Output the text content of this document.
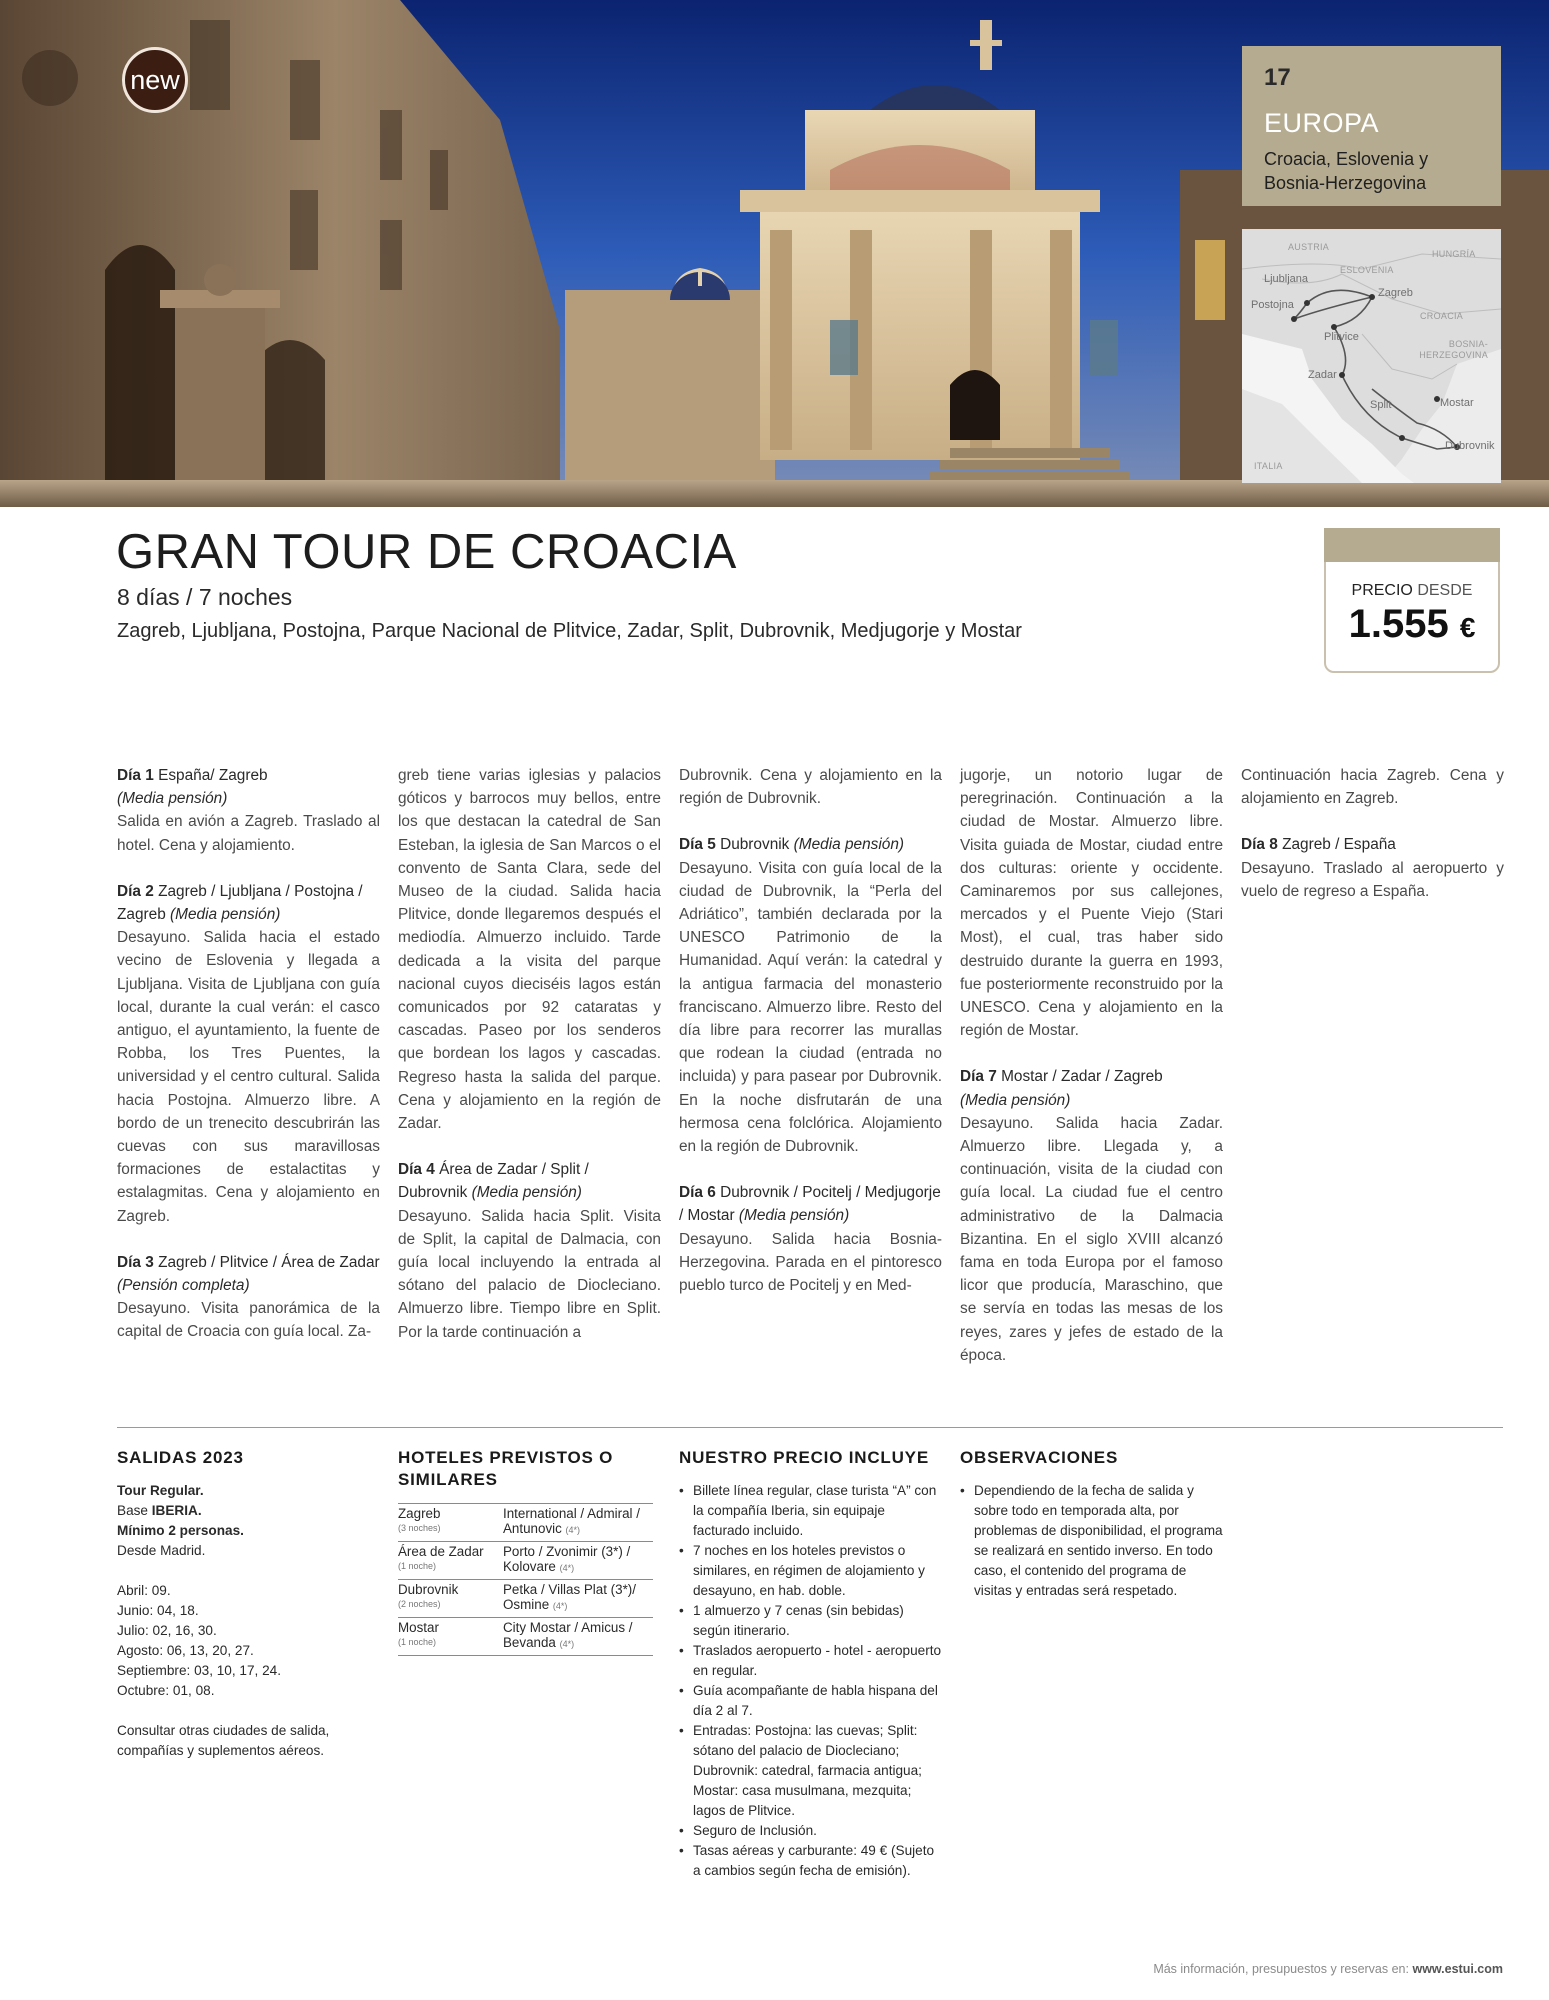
new	17
EUROPA
Croacia, Eslovenia y Bosnia-Herzegovina
AUSTRIA
HUNGRÍA
ESLOVENIA
CROACIA
BOSNIA-HERZEGOVINA
ITALIA
Ljubljana
Postojna
Zagreb
Plitvice
Zadar
Split	Mostar
Dubrovnik
GRAN TOUR DE CROACIA
8 días / 7 noches
Zagreb, Ljubljana, Postojna, Parque Nacional de Plitvice, Zadar, Split, Dubrovnik, Medjugorje y Mostar
PRECIO DESDE
1.555 €

Día 1 España/ Zagreb
(Media pensión)

Salida en avión a Zagreb. Traslado al hotel. Cena y alojamiento.

Día 2 Zagreb / Ljubljana / Postojna / Zagreb (Media pensión)

Desayuno. Salida hacia el estado vecino de Eslovenia y llegada a Ljubljana. Visita de Ljubljana con guía local, durante la cual verán: el casco antiguo, el ayuntamiento, la fuente de Robba, los Tres Puentes, la universidad y el centro cultural. Salida hacia Postojna. Almuerzo libre. A bordo de un trenecito descubrirán las cuevas con sus maravillosas formaciones de estalactitas y estalagmitas. Cena y alojamiento en Zagreb.

Día 3 Zagreb / Plitvice / Área de Zadar (Pensión completa)

Desayuno. Visita panorámica de la capital de Croacia con guía local. Za-

greb tiene varias iglesias y palacios góticos y barrocos muy bellos, entre los que destacan la catedral de San Esteban, la iglesia de San Marcos o el convento de Santa Clara, sede del Museo de la ciudad. Salida hacia Plitvice, donde llegaremos después el mediodía. Almuerzo incluido. Tarde dedicada a la visita del parque nacional cuyos dieciséis lagos están comunicados por 92 cataratas y cascadas. Paseo por los senderos que bordean los lagos y cascadas. Regreso hasta la salida del parque. Cena y alojamiento en la región de Zadar.

Día 4 Área de Zadar / Split / Dubrovnik (Media pensión)

Desayuno. Salida hacia Split. Visita de Split, la capital de Dalmacia, con guía local incluyendo la entrada al sótano del palacio de Diocleciano. Almuerzo libre. Tiempo libre en Split. Por la tarde continuación a

Dubrovnik. Cena y alojamiento en la región de Dubrovnik.

Día 5 Dubrovnik (Media pensión)

Desayuno. Visita con guía local de la ciudad de Dubrovnik, la “Perla del Adriático”, también declarada por la UNESCO Patrimonio de la Humanidad. Aquí verán: la catedral y la antigua farmacia del monasterio franciscano. Almuerzo libre. Resto del día libre para recorrer las murallas que rodean la ciudad (entrada no incluida) y para pasear por Dubrovnik. En la noche disfrutarán de una hermosa cena folclórica. Alojamiento en la región de Dubrovnik.

Día 6 Dubrovnik / Pocitelj / Medjugorje / Mostar (Media pensión)

Desayuno. Salida hacia Bosnia-Herzegovina. Parada en el pintoresco pueblo turco de Pocitelj y en Med-

jugorje, un notorio lugar de peregrinación. Continuación a la ciudad de Mostar. Almuerzo libre. Visita guiada de Mostar, ciudad entre dos culturas: oriente y occidente. Caminaremos por sus callejones, mercados y el Puente Viejo (Stari Most), el cual, tras haber sido destruido durante la guerra en 1993, fue posteriormente reconstruido por la UNESCO. Cena y alojamiento en la región de Mostar.

Día 7 Mostar / Zadar / Zagreb
(Media pensión)

Desayuno. Salida hacia Zadar. Almuerzo libre. Llegada y, a continuación, visita de la ciudad con guía local. La ciudad fue el centro administrativo de la Dalmacia Bizantina. En el siglo XVIII alcanzó fama en toda Europa por el famoso licor que producía, Maraschino, que se servía en todas las mesas de los reyes, zares y jefes de estado de la época.

Continuación hacia Zagreb. Cena y alojamiento en Zagreb.

Día 8 Zagreb / España

Desayuno. Traslado al aeropuerto y vuelo de regreso a España.

SALIDAS 2023

Tour Regular.

Base IBERIA.

Mínimo 2 personas.

Desde Madrid.

Abril: 09.

Junio: 04, 18.

Julio: 02, 16, 30.

Agosto: 06, 13, 20, 27.

Septiembre: 03, 10, 17, 24.

Octubre: 01, 08.

Consultar otras ciudades de salida, compañías y suplementos aéreos.

HOTELES PREVISTOS O SIMILARES
Zagreb
(3 noches)	International / Admiral /
Antunovic (4*)
Área de Zadar
(1 noche)	Porto / Zvonimir (3*) /
Kolovare (4*)
Dubrovnik
(2 noches)	Petka / Villas Plat (3*)/
Osmine (4*)
Mostar
(1 noche)	City Mostar / Amicus /
Bevanda (4*)
NUESTRO PRECIO INCLUYE
• Billete línea regular, clase turista “A” con la compañía Iberia, sin equipaje facturado incluido.
• 7 noches en los hoteles previstos o similares, en régimen de alojamiento y desayuno, en hab. doble.
• 1 almuerzo y 7 cenas (sin bebidas) según itinerario.
• Traslados aeropuerto - hotel - aeropuerto en regular.
• Guía acompañante de habla hispana del día 2 al 7.
• Entradas: Postojna: las cuevas; Split: sótano del palacio de Diocleciano; Dubrovnik: catedral, farmacia antigua; Mostar: casa musulmana, mezquita; lagos de Plitvice.
• Seguro de Inclusión.
• Tasas aéreas y carburante: 49 € (Sujeto a cambios según fecha de emisión).
OBSERVACIONES
• Dependiendo de la fecha de salida y sobre todo en temporada alta, por problemas de disponibilidad, el programa se realizará en sentido inverso. En todo caso, el contenido del programa de visitas y entradas será respetado.
Más información, presupuestos y reservas en: www.estui.com
